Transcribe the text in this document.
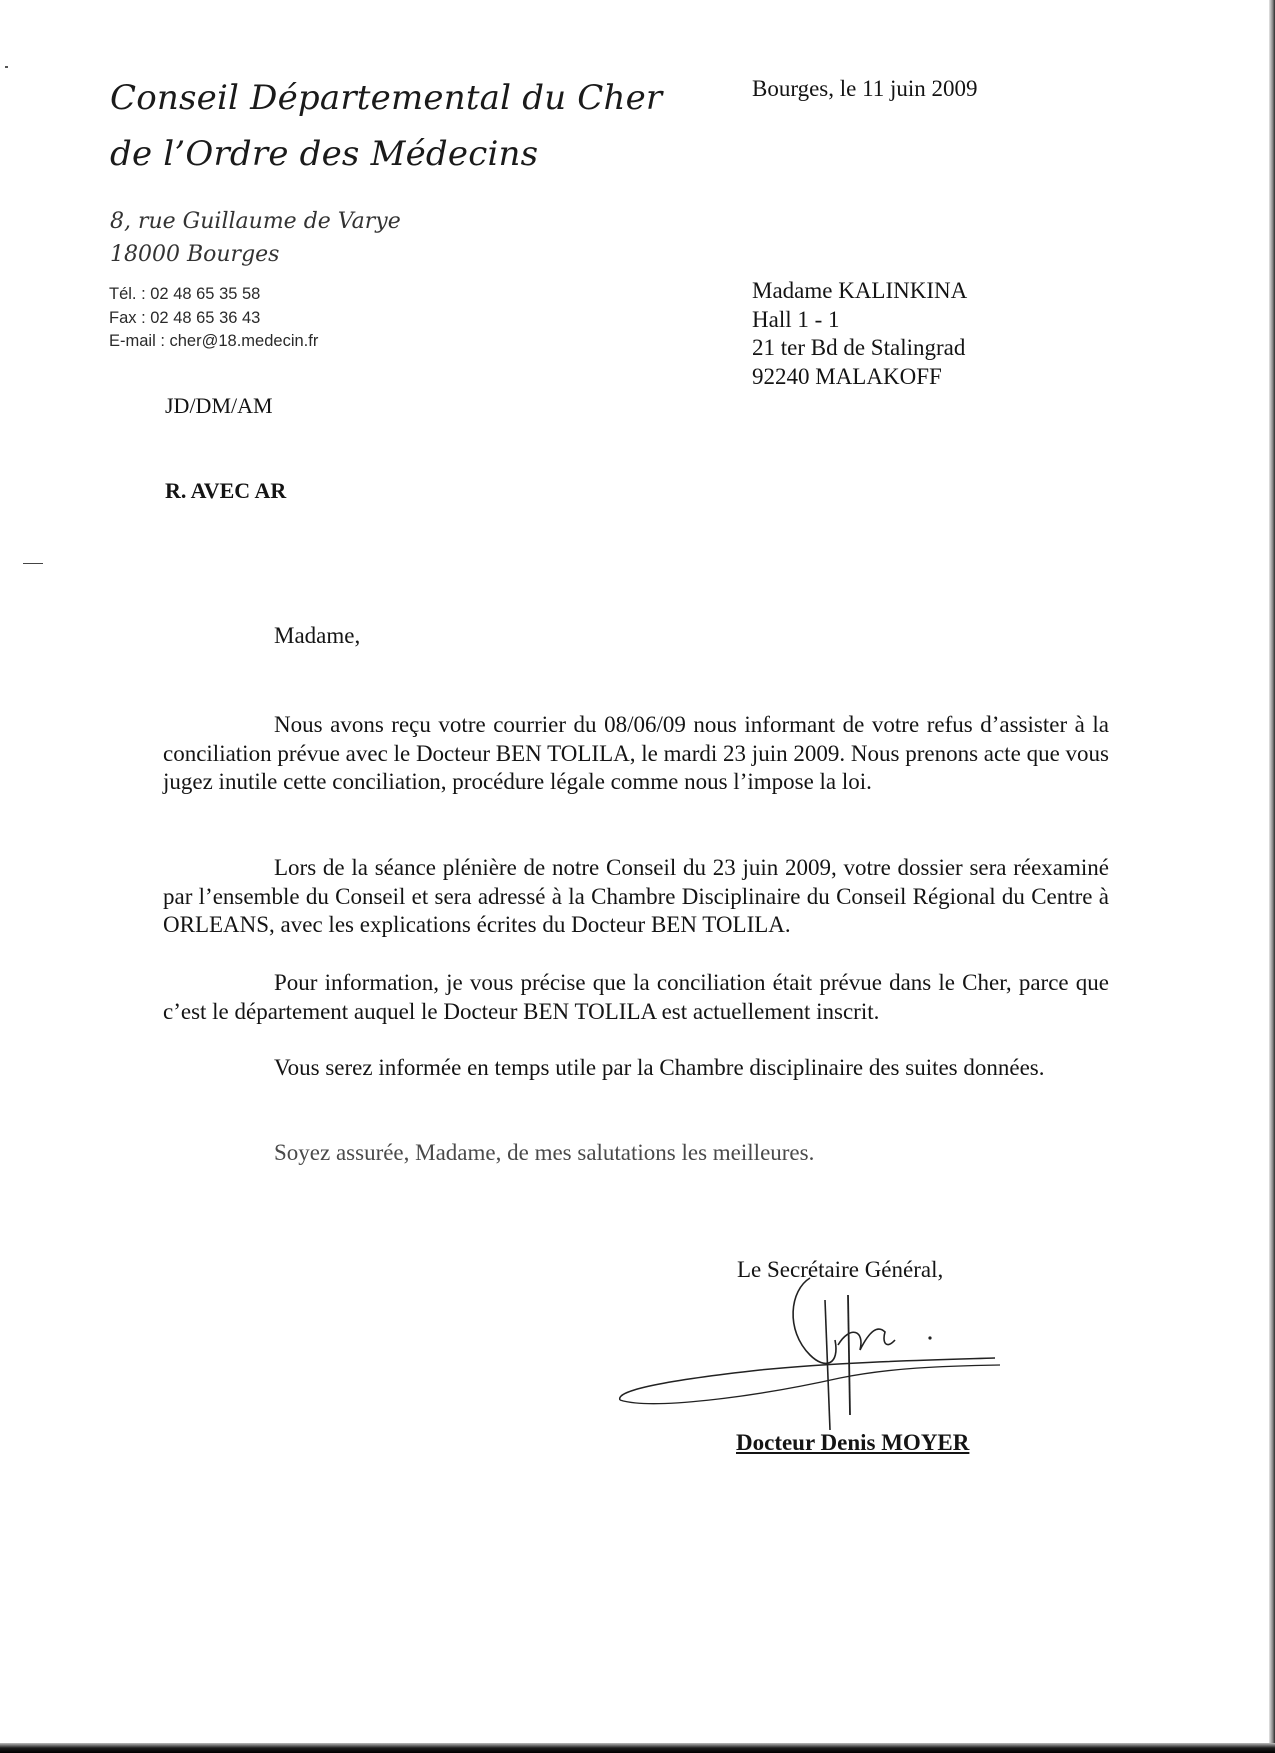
Conseil Départemental du Cher
de l’Ordre des Médecins
8, rue Guillaume de Varye
18000 Bourges
Tél. : 02 48 65 35 58
Fax : 02 48 65 36 43
E-mail : cher@18.medecin.fr
Bourges, le 11 juin 2009
Madame KALINKINA
Hall 1 - 1
21 ter Bd de Stalingrad
92240 MALAKOFF
JD/DM/AM
R. AVEC AR
Madame,

Nous avons reçu votre courrier du 08/06/09 nous informant de votre refus d’assister à la conciliation prévue avec le Docteur BEN TOLILA, le mardi 23 juin 2009. Nous prenons acte que vous jugez inutile cette conciliation, procédure légale comme nous l’impose la loi.

Lors de la séance plénière de notre Conseil du 23 juin 2009, votre dossier sera réexaminé par l’ensemble du Conseil et sera adressé à la Chambre Disciplinaire du Conseil Régional du Centre à ORLEANS, avec les explications écrites du Docteur BEN TOLILA.

Pour information, je vous précise que la conciliation était prévue dans le Cher, parce que c’est le département auquel le Docteur BEN TOLILA est actuellement inscrit.

Vous serez informée en temps utile par la Chambre disciplinaire des suites données.

Soyez assurée, Madame, de mes salutations les meilleures.

Le Secrétaire Général,
Docteur Denis MOYER
